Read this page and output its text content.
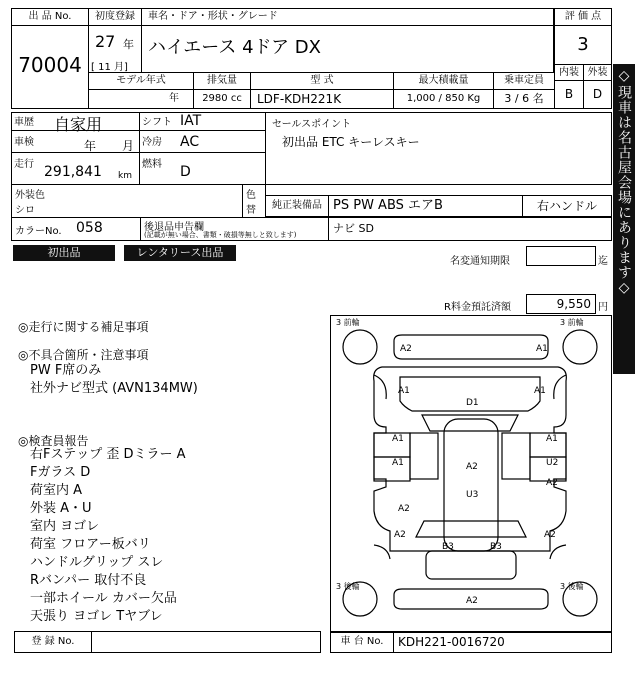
出 品 No.
70004
初度登録	車名・ドア・形状・グレード
27 年
[ 11 月]
ハイエース 4ドア DX
評 価 点
3
内装 外装
B	D
モデル年式	排気量	型 式	最大積載量	乗車定員
年	2980 cc	LDF-KDH221K	1,000 / 850 Kg	3 / 6 名	◇現車は名古屋会場にあります◇
車歴 自家用	シフト IAT
車検	年 月 冷房 AC
走行 291,841 km
燃料 D
セールスポイント
初出品 ETC キーレスキー
外装色
シロ
色替	純正装備品 PS PW ABS エアB	右ハンドル
カラーNo. 058	後退品申告欄
(記載が無い場合、書類・破損等無しと致します)	ナビ SD
初出品	レンタリース出品
名変通知期限	迄
R料金預託済額	9,550 円
◎走行に関する補足事項
◎不具合箇所・注意事項
PW F席のみ
社外ナビ型式 (AVN134MW)
◎検査員報告
右Fステップ 歪 Dミラー A
Fガラス D
荷室内 A
外装 A・U
室内 ヨゴレ
荷室 フロアー板バリ
ハンドルグリップ スレ
Rバンパー 取付不良
一部ホイール カバー欠品
天張り ヨゴレ Tヤブレ
3 前輪	3 前輪
3 後輪	3 後輪
A2	A1
A1
D1
A1
A1	A1
A1	A2	U2
A2
U3
A2
A2
A2
B3	B3
A2
登 録 No.	車 台 No.	KDH221-0016720
